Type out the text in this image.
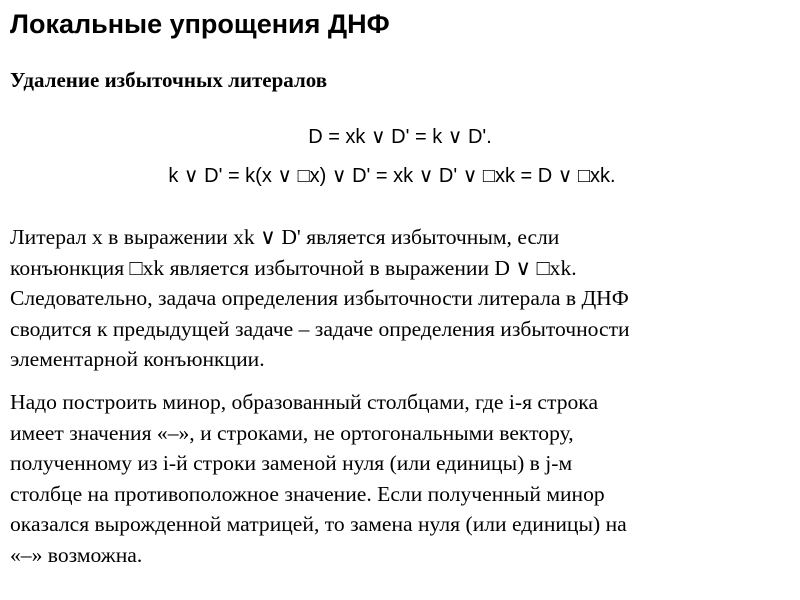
Локальные упрощения ДНФ
Удаление избыточных литералов
D = xk ∨ D' = k ∨ D'.
k ∨ D' = k(x ∨ □x) ∨ D' = xk ∨ D' ∨ □xk = D ∨ □xk.
Литерал x в выражении xk ∨ D' является избыточным, если
конъюнкция □xk является избыточной в выражении D ∨ □xk.
Следовательно, задача определения избыточности литерала в ДНФ
сводится к предыдущей задаче – задаче определения избыточности
элементарной конъюнкции.
Надо построить минор, образованный столбцами, где i-я строка
имеет значения «–», и строками, не ортогональными вектору,
полученному из i-й строки заменой нуля (или единицы) в j-м
столбце на противоположное значение. Если полученный минор
оказался вырожденной матрицей, то замена нуля (или единицы) на
«–» возможна.
